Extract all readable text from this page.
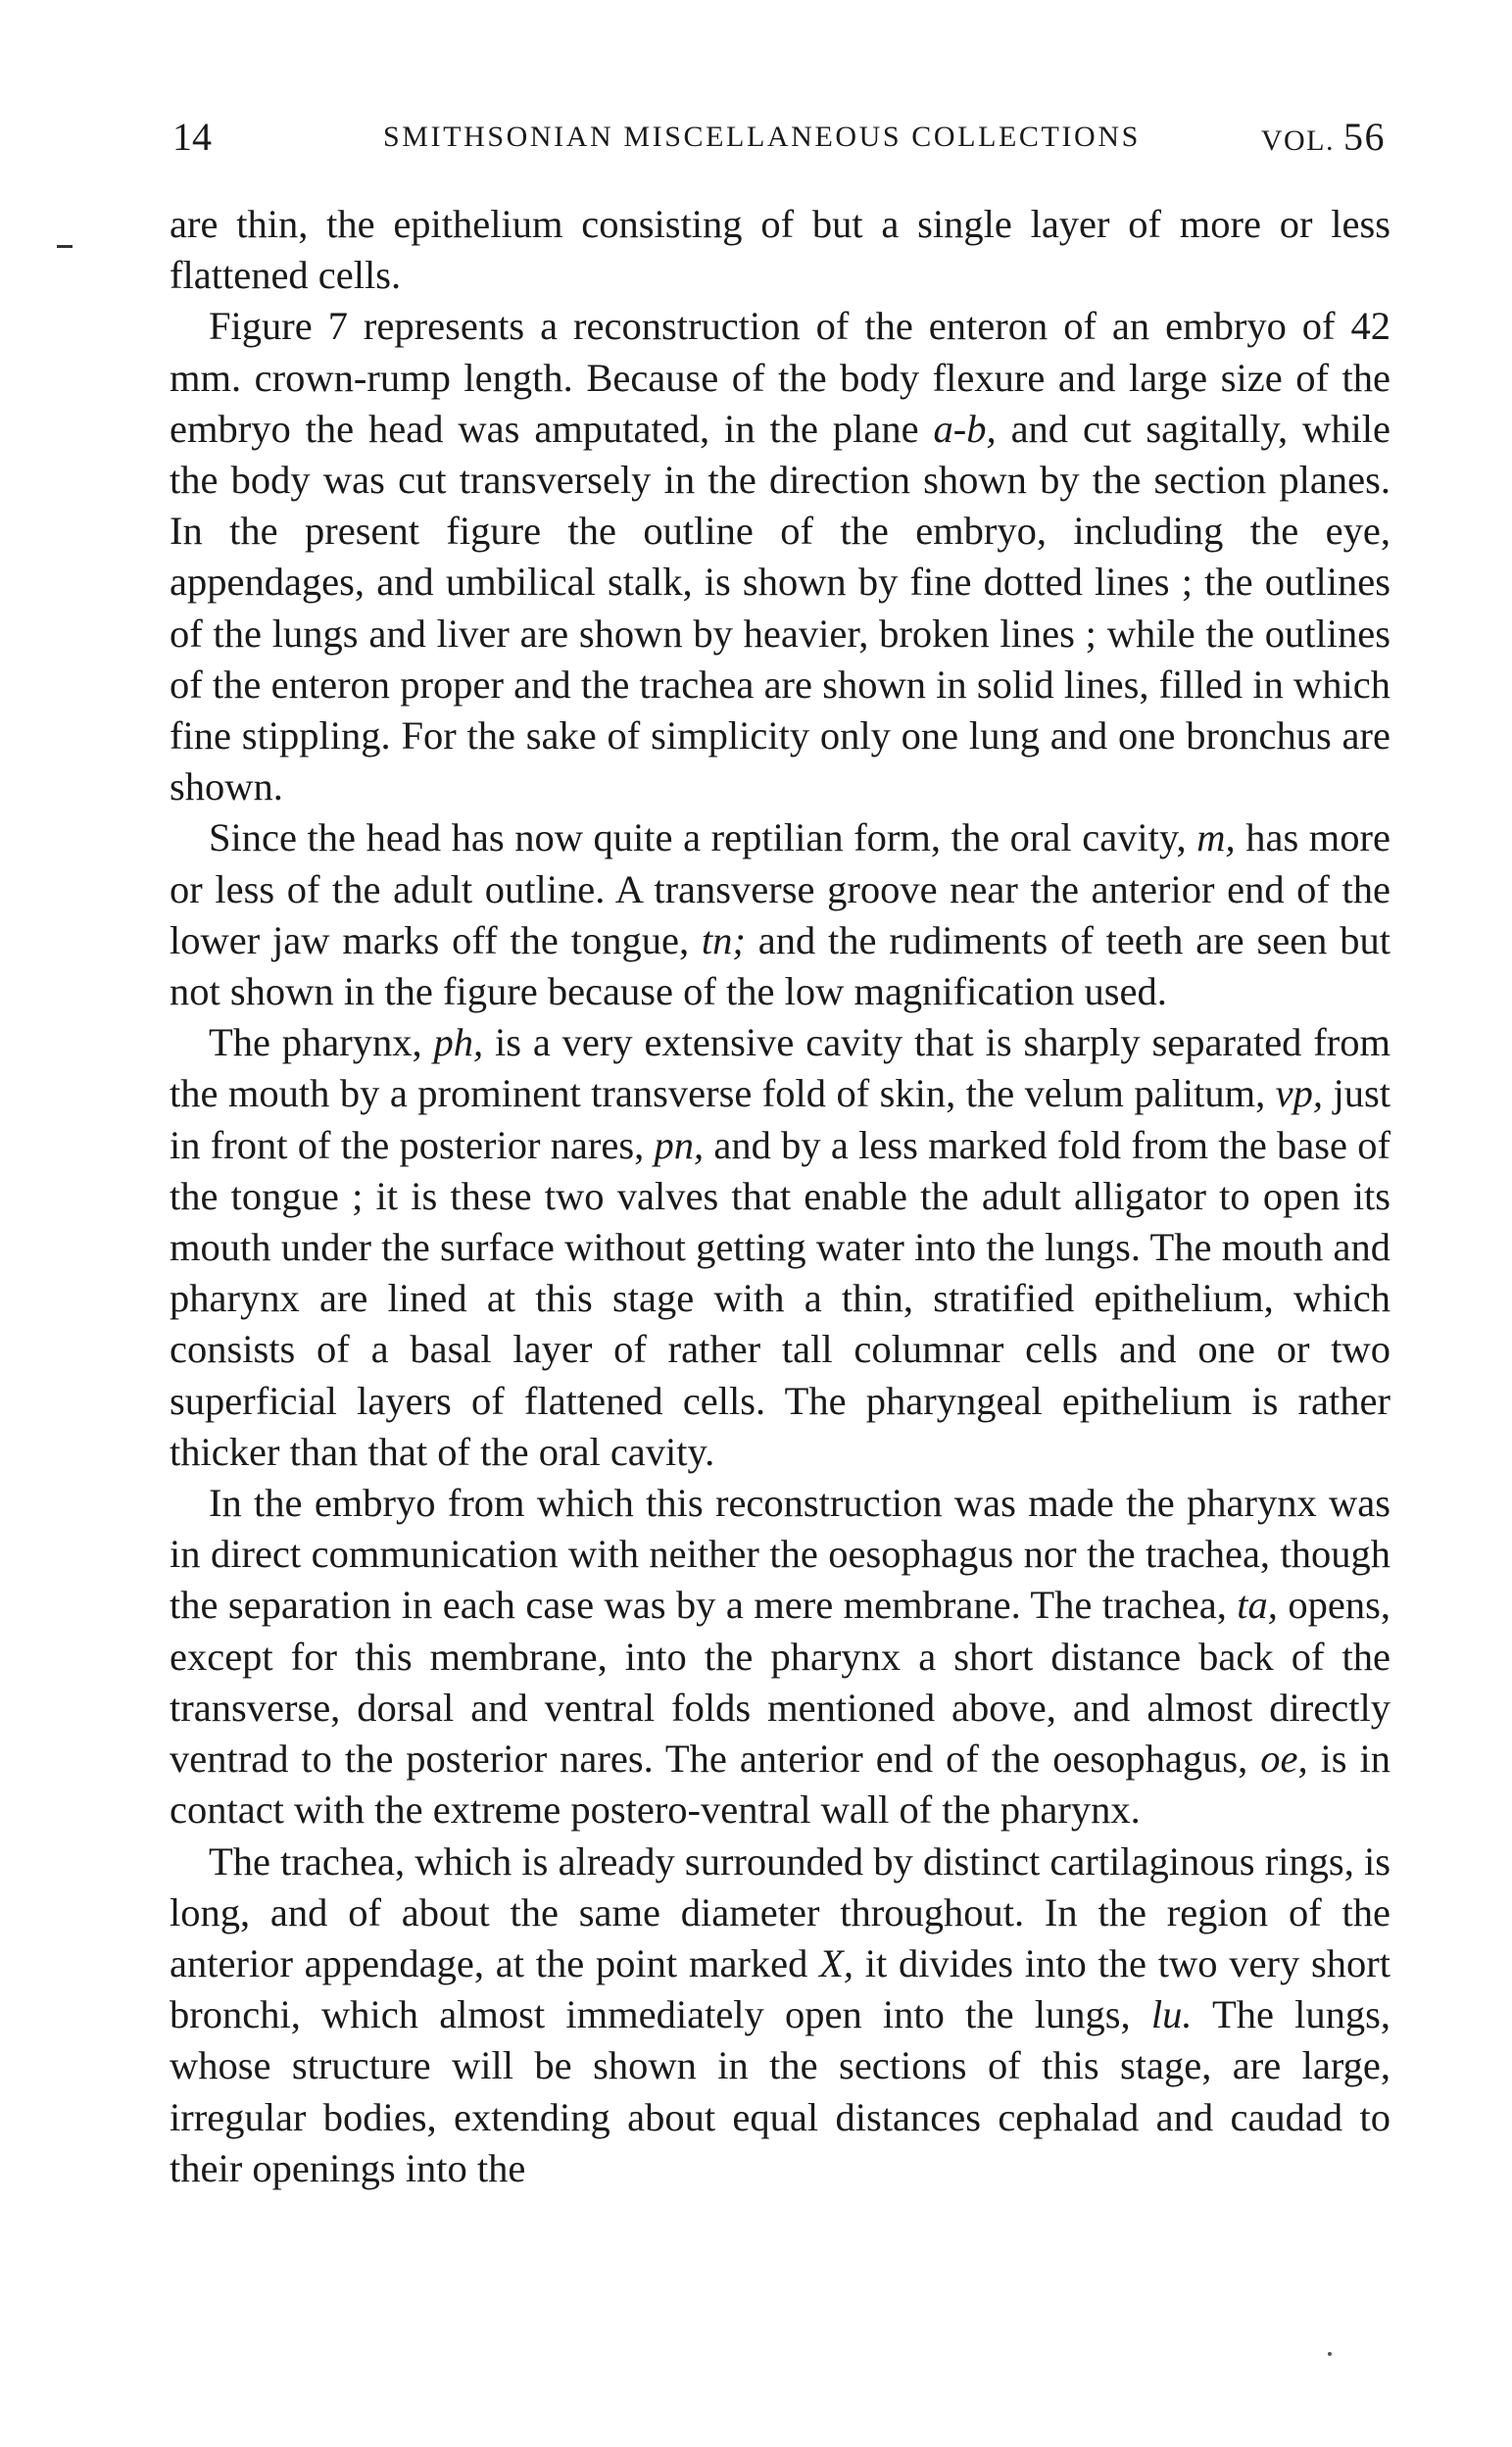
14	SMITHSONIAN MISCELLANEOUS COLLECTIONS	VOL. 56

are thin, the epithelium consisting of but a single layer of more or less flattened cells.

Figure 7 represents a reconstruction of the enteron of an embryo of 42 mm. crown-rump length. Because of the body flexure and large size of the embryo the head was amputated, in the plane a-b, and cut sagitally, while the body was cut transversely in the direction shown by the section planes. In the present figure the outline of the embryo, including the eye, appendages, and umbilical stalk, is shown by fine dotted lines ; the outlines of the lungs and liver are shown by heavier, broken lines ; while the outlines of the enteron proper and the trachea are shown in solid lines, filled in which fine stippling. For the sake of simplicity only one lung and one bronchus are shown.

Since the head has now quite a reptilian form, the oral cavity, m, has more or less of the adult outline. A transverse groove near the anterior end of the lower jaw marks off the tongue, tn; and the rudiments of teeth are seen but not shown in the figure because of the low magnification used.

The pharynx, ph, is a very extensive cavity that is sharply separated from the mouth by a prominent transverse fold of skin, the velum palitum, vp, just in front of the posterior nares, pn, and by a less marked fold from the base of the tongue ; it is these two valves that enable the adult alligator to open its mouth under the surface without getting water into the lungs. The mouth and pharynx are lined at this stage with a thin, stratified epithelium, which consists of a basal layer of rather tall columnar cells and one or two superficial layers of flattened cells. The pharyngeal epithelium is rather thicker than that of the oral cavity.

In the embryo from which this reconstruction was made the pharynx was in direct communication with neither the oesophagus nor the trachea, though the separation in each case was by a mere membrane. The trachea, ta, opens, except for this membrane, into the pharynx a short distance back of the transverse, dorsal and ventral folds mentioned above, and almost directly ventrad to the posterior nares. The anterior end of the oesophagus, oe, is in contact with the extreme postero-ventral wall of the pharynx.

The trachea, which is already surrounded by distinct cartilaginous rings, is long, and of about the same diameter throughout. In the region of the anterior appendage, at the point marked X, it divides into the two very short bronchi, which almost immediately open into the lungs, lu. The lungs, whose structure will be shown in the sections of this stage, are large, irregular bodies, extending about equal distances cephalad and caudad to their openings into the
